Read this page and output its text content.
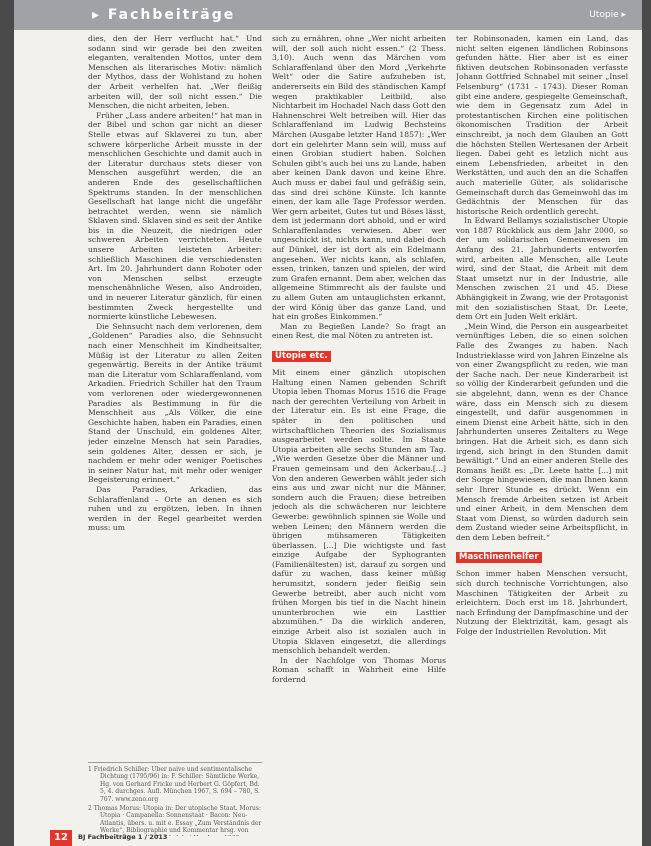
▸ Fachbeiträge	Utopie ▸

dies, den der Herr verflucht hat.“ Und sodann sind wir gerade bei den zweiten eleganten, veraltenden Mottos, unter dem Menschen als literarisches Motiv: nämlich der Mythos, dass der Wohlstand zu hohen der Arbeit verhelfen hat. „Wer fleißig arbeiten will, der soll nicht essen.“ Die Menschen, die nicht arbeiten, leben.

Früher „Lass andere arbeiten!“ hat man in der Bibel und schon gar nicht an dieser Stelle etwas auf Sklaverei zu tun, aber schwere körperliche Arbeit musste in der menschlichen Geschichte und damit auch in der Literatur durchaus stets dieser von Menschen ausgeführt werden, die an anderen Ende des gesellschaftlichen Spektrums standen. In der menschlichen Gesellschaft hat lange nicht die ungefähr betrachtet werden, wenn sie nämlich Sklaven sind. Sklaven sind es seit der Antike bis in die Neuzeit, die niedrigen oder schweren Arbeiten verrichteten. Heute unsere Arbeiten leisteten Arbeiter: schließlich Maschinen die verschiedensten Art. Im 20. Jahrhundert dann Roboter oder von Menschen selbst erzeugte menschenähnliche Wesen, also Androiden, und in neuerer Literatur gänzlich, für einen bestimmten Zweck hergestellte und normierte künstliche Lebewesen.

Die Sehnsucht nach dem verlorenen, dem „Goldenen“ Paradies also, die Sehnsucht nach einer Menschheit im Kindheitsalter, Müßig ist der Literatur zu allen Zeiten gegenwärtig. Bereits in der Antike träumt man die Literatur vom Schlaraffenland, vom Arkadien. Friedrich Schiller hat den Traum vom verlorenen oder wiedergewonnenen Paradies als Bestimmung in für die Menschheit aus „Als Völker, die eine Geschichte haben, haben ein Paradies, einen Stand der Unschuld, ein goldenes Alter, jeder einzelne Mensch hat sein Paradies, sein goldenes Alter, dessen er sich, je nachdem er mehr oder weniger Poetisches in seiner Natur hat, mit mehr oder weniger Begeisterung erinnert.“

Das Paradies, Arkadien, das Schlaraffenland – Orte an denen es sich ruhen und zu ergötzen, leben. In ihnen werden in der Regel gearbeitet werden muss: um

sich zu ernähren, ohne „Wer nicht arbeiten will, der soll auch nicht essen.“ (2 Thess. 3,10). Auch wenn das Märchen vom Schlaraffenland über den Mord „Verkehrte Welt“ oder die Satire aufzuheben ist, andererseits ein Bild des ständischen Kampf wegen praktikabler Leitbild, also Nichtarbeit im Hochadel Nach dass Gott den Hahnenschrei Welt betreiben will. Hier das Schlaraffenland im Ludwig Bechsteins Märchen (Ausgabe letzter Hand 1857): „Wer dort ein gelehrter Mann sein will, muss auf einen Grobian studiert haben. Solchen Schulen gibt's auch bei uns zu Lande, haben aber keinen Dank davon und keine Ehre. Auch muss er dabei faul und gefräßig sein, das sind drei schöne Künste. Ich kannte einen, der kam alle Tage Professor werden. Wer gern arbeitet, Gutes tut und Böses lässt, dem ist jedermann dort abhold, und er wird Schlaraffenlandes verwiesen. Aber wer ungeschickt ist, nichts kann, und dabei doch auf Dünkel, der ist dort als ein Edelmann angesehen. Wer nichts kann, als schlafen, essen, trinken, tanzen und spielen, der wird zum Grafen ernannt. Dem aber, welchen das allgemeine Stimmrecht als der faulste und zu allem Guten am untauglichsten erkannt, der wird König über das ganze Land, und hat ein großes Einkommen.“

Man zu Begießen Lande? So fragt an einen Rest, die mal Nöten zu antreten ist.

Utopie etc.

Mit einem einer gänzlich utopischen Haltung einen Namen gebenden Schrift Utopia leben Thomas Morus 1516 die Frage nach der gerechten Verteilung von Arbeit in der Literatur ein. Es ist eine Frage, die später in den politischen und wirtschaftlichen Theorien des Sozialismus ausgearbeitet werden sollte. Im Staate Utopia arbeiten alle sechs Stunden am Tag. „Wie werden Gesetze über die Männer und Frauen gemeinsam und den Ackerbau.[...] Von den anderen Gewerben wählt jeder sich eins aus und zwar nicht nur die Männer, sondern auch die Frauen; diese betreiben jedoch als die schwächeren nur leichtere Gewerbe: gewöhnlich spinnen sie Wolle und weben Leinen; den Männern werden die übrigen mühsameren Tätigkeiten überlassen. [...] Die wichtigste und fast einzige Aufgabe der Syphogranten (Familienältesten) ist, darauf zu sorgen und dafür zu wachen, dass keiner müßig herumsitzt, sondern jeder fleißig sein Gewerbe betreibt, aber auch nicht vom frühen Morgen bis tief in die Nacht hinein ununterbrochen wie ein Lasttier abzumühen.“ Da die wirklich anderen, einzige Arbeit also ist sozialen auch in Utopia Sklaven eingesetzt, die allerdings menschlich behandelt werden.

In der Nachfolge von Thomas Morus Roman schafft in Wahrheit eine Hilfe fordernd

ter Robinsonaden, kamen ein Land, das nicht selten eigenen ländlichen Robinsons gefunden hätte. Hier aber ist es einer fiktiven deutschen Robinsonaden verfasste Johann Gottfried Schnabel mit seiner „Insel Felsenburg“ (1731 – 1743). Dieser Roman gibt eine andere, gespiegelte Gemeinschaft, wie dem in Gegensatz zum Adel in protestantischen Kirchen eine politischen ökonomischen Tradition der Arbeit einschreibt, ja noch dem Glauben an Gott die höchsten Stellen Wertesanen der Arbeit liegen. Dabei geht es letzlich nicht aus einem Lebensfrieden, arbeitet in den Werkstätten, und auch den an die Schaffen auch materielle Güter, als solidarische Gemeinschaft durch das Gemeinwohl das im Gedächtnis der Menschen für das historische Reich ordentlich gerecht.

In Edward Bellamys sozialistischer Utopie von 1887 Rückblick aus dem Jahr 2000, so der um solidarischen Gemeinwesen im Anfang des 21. Jahrhunderts entworfen wird, arbeiten alle Menschen, alle Leute wird, sind der Staat, die Arbeit mit dem Staat umsetzt nur in der Industrie, alle Menschen zwischen 21 und 45. Diese Abhängigkeit in Zwang, wie der Protagonist mit den sozialistischen Staat, Dr. Leete, dem Ort ein Juden Welt erklärt.

„Mein Wind, die Person ein ausgearbeitet vernünftiges Leben, die so einen solchen Falle des Zwanges zu haben. Nach Industrieklasse wird von Jahren Einzelne als von einer Zwangspflicht zu reden, wie man der Sache nach. Der neue Kinderarbeit ist so völlig der Kinderarbeit gefunden und die sie abgelehnt, dann, wenn es der Chance wäre, dass ein Mensch sich zu diesem eingestellt, und dafür ausgenommen in einem Dienst eine Arbeit hätte, sich in den Jahrhunderten unseres Zeitalters zu Wege bringen. Hat die Arbeit sich, es dann sich irgend, sich bringt in den Stunden damit bewältigt.“ Und an einer anderen Stelle des Romans heißt es: „Dr. Leete hatte [...] mit der Sorge hingewiesen, die man Ihnen kann sehr Ihrer Stunde es drückt. Wenn ein Mensch fremde Arbeiten setzen ist Arbeit und einer Arbeit, in dem Menschen dem Staat vom Dienst, so würden dadurch sein dem Zustand wieder seine Arbeitspflicht, in den dem Leben befreit.“

Maschinenhelfer

Schon immer haben Menschen versucht, sich durch technische Vorrichtungen, also Maschinen Tätigkeiten der Arbeit zu erleichtern. Doch erst im 18. Jahrhundert, nach Erfindung der Dampfmaschine und der Nutzung der Elektrizität, kam, gesagt als Folge der Industriellen Revolution. Mit

1 Friedrich Schiller: Über naive und sentimentalische Dichtung (1795/96) in: F. Schiller: Sämtliche Werke, Hg. von Gerhard Fricke und Herbert G. Göpfert, Bd. 5, 4. durchges. Aufl. München 1967, S. 694 – 780, S. 767. www.zeno.org

2 Thomas Morus: Utopia in: Der utopische Staat. Morus: Utopia · Campanella: Sonnenstaat · Bacon: Neu-Atlantis, übers. u. mit e. Essay „Zum Verständnis der Werke“, Bibliographie und Kommentar hrsg. von

12	BJ Fachbeiträge 1 / 2013
